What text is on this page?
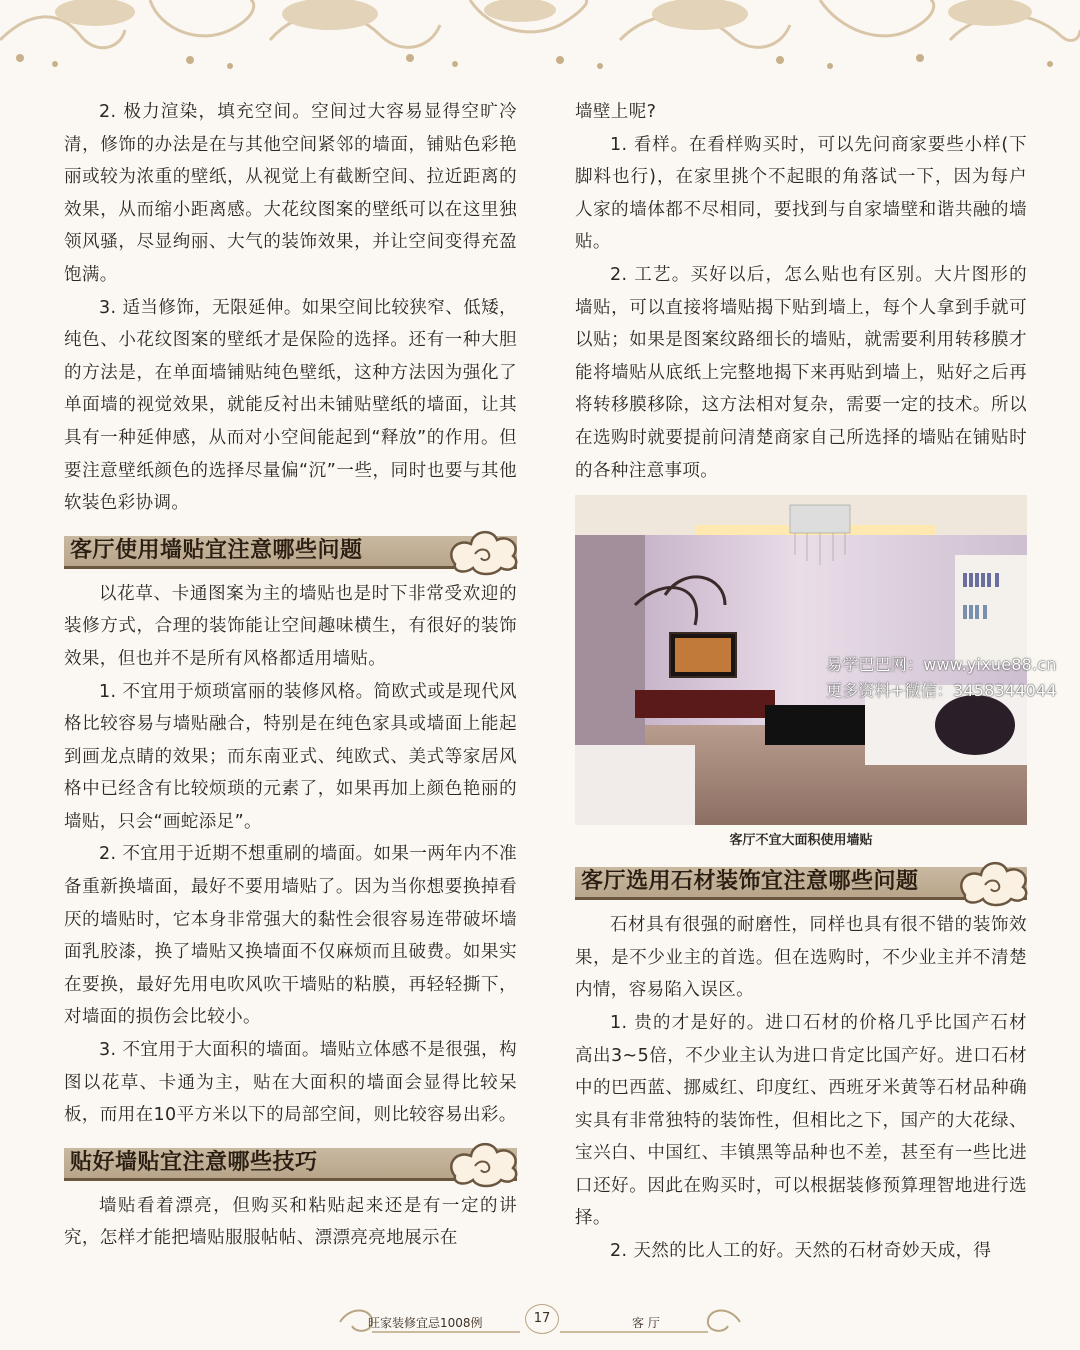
2. 极力渲染，填充空间。空间过大容易显得空旷冷清，修饰的办法是在与其他空间紧邻的墙面，铺贴色彩艳丽或较为浓重的壁纸，从视觉上有截断空间、拉近距离的效果，从而缩小距离感。大花纹图案的壁纸可以在这里独领风骚，尽显绚丽、大气的装饰效果，并让空间变得充盈饱满。

3. 适当修饰，无限延伸。如果空间比较狭窄、低矮，纯色、小花纹图案的壁纸才是保险的选择。还有一种大胆的方法是，在单面墙铺贴纯色壁纸，这种方法因为强化了单面墙的视觉效果，就能反衬出未铺贴壁纸的墙面，让其具有一种延伸感，从而对小空间能起到“释放”的作用。但要注意壁纸颜色的选择尽量偏“沉”一些，同时也要与其他软装色彩协调。

客厅使用墙贴宜注意哪些问题

以花草、卡通图案为主的墙贴也是时下非常受欢迎的装修方式，合理的装饰能让空间趣味横生，有很好的装饰效果，但也并不是所有风格都适用墙贴。

1. 不宜用于烦琐富丽的装修风格。简欧式或是现代风格比较容易与墙贴融合，特别是在纯色家具或墙面上能起到画龙点睛的效果；而东南亚式、纯欧式、美式等家居风格中已经含有比较烦琐的元素了，如果再加上颜色艳丽的墙贴，只会“画蛇添足”。

2. 不宜用于近期不想重刷的墙面。如果一两年内不准备重新换墙面，最好不要用墙贴了。因为当你想要换掉看厌的墙贴时，它本身非常强大的黏性会很容易连带破坏墙面乳胶漆，换了墙贴又换墙面不仅麻烦而且破费。如果实在要换，最好先用电吹风吹干墙贴的粘膜，再轻轻撕下，对墙面的损伤会比较小。

3. 不宜用于大面积的墙面。墙贴立体感不是很强，构图以花草、卡通为主，贴在大面积的墙面会显得比较呆板，而用在10平方米以下的局部空间，则比较容易出彩。

贴好墙贴宜注意哪些技巧

墙贴看着漂亮，但购买和粘贴起来还是有一定的讲究，怎样才能把墙贴服服帖帖、漂漂亮亮地展示在

墙壁上呢?

1. 看样。在看样购买时，可以先问商家要些小样(下脚料也行)，在家里挑个不起眼的角落试一下，因为每户人家的墙体都不尽相同，要找到与自家墙壁和谐共融的墙贴。

2. 工艺。买好以后，怎么贴也有区别。大片图形的墙贴，可以直接将墙贴揭下贴到墙上，每个人拿到手就可以贴；如果是图案纹路细长的墙贴，就需要利用转移膜才能将墙贴从底纸上完整地揭下来再贴到墙上，贴好之后再将转移膜移除，这方法相对复杂，需要一定的技术。所以在选购时就要提前问清楚商家自己所选择的墙贴在铺贴时的各种注意事项。

客厅不宜大面积使用墙贴
客厅选用石材装饰宜注意哪些问题

石材具有很强的耐磨性，同样也具有很不错的装饰效果，是不少业主的首选。但在选购时，不少业主并不清楚内情，容易陷入误区。

1. 贵的才是好的。进口石材的价格几乎比国产石材高出3~5倍，不少业主认为进口肯定比国产好。进口石材中的巴西蓝、挪威红、印度红、西班牙米黄等石材品种确实具有非常独特的装饰性，但相比之下，国产的大花绿、宝兴白、中国红、丰镇黑等品种也不差，甚至有一些比进口还好。因此在购买时，可以根据装修预算理智地进行选择。

2. 天然的比人工的好。天然的石材奇妙天成，得

易学巴巴网：www.yixue88.cn
更多资料+微信：3458344044
旺家装修宜忌1008例	17	客 厅
